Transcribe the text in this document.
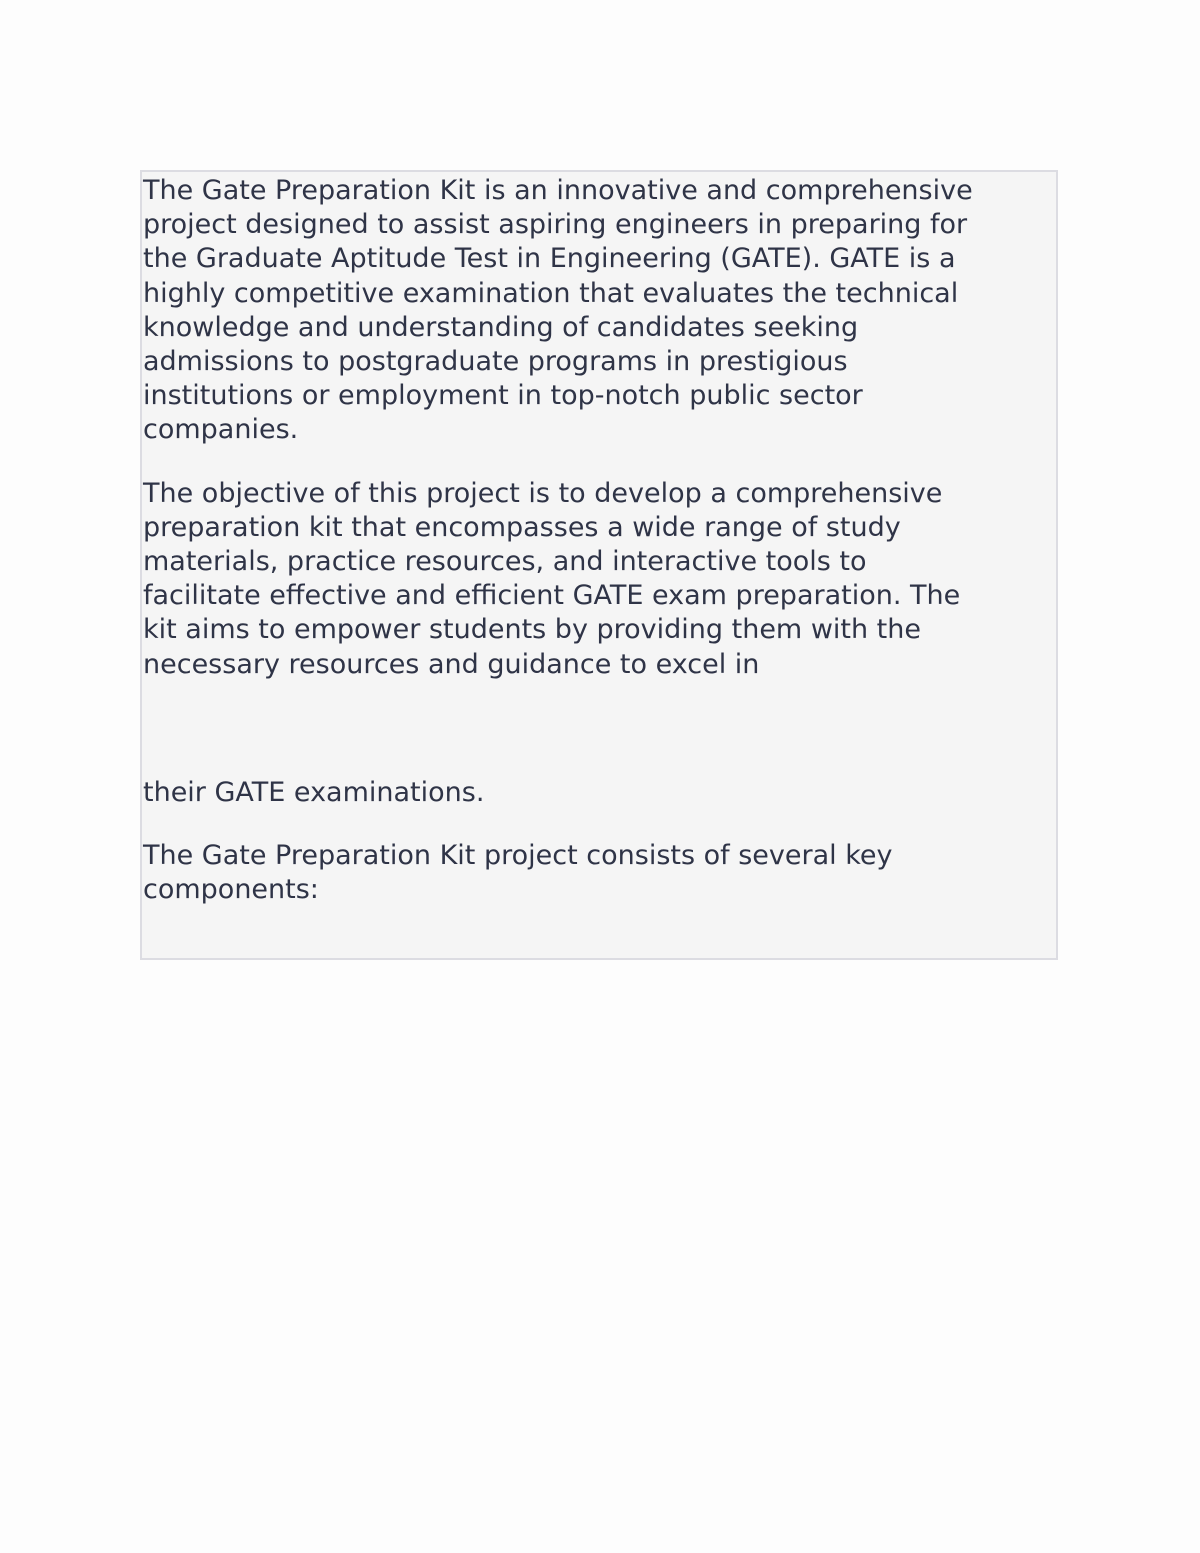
The Gate Preparation Kit is an innovative and comprehensive
project designed to assist aspiring engineers in preparing for
the Graduate Aptitude Test in Engineering (GATE). GATE is a
highly competitive examination that evaluates the technical
knowledge and understanding of candidates seeking
admissions to postgraduate programs in prestigious
institutions or employment in top-notch public sector
companies.

The objective of this project is to develop a comprehensive
preparation kit that encompasses a wide range of study
materials, practice resources, and interactive tools to
facilitate effective and efficient GATE exam preparation. The
kit aims to empower students by providing them with the
necessary resources and guidance to excel in

their GATE examinations.

The Gate Preparation Kit project consists of several key
components:
